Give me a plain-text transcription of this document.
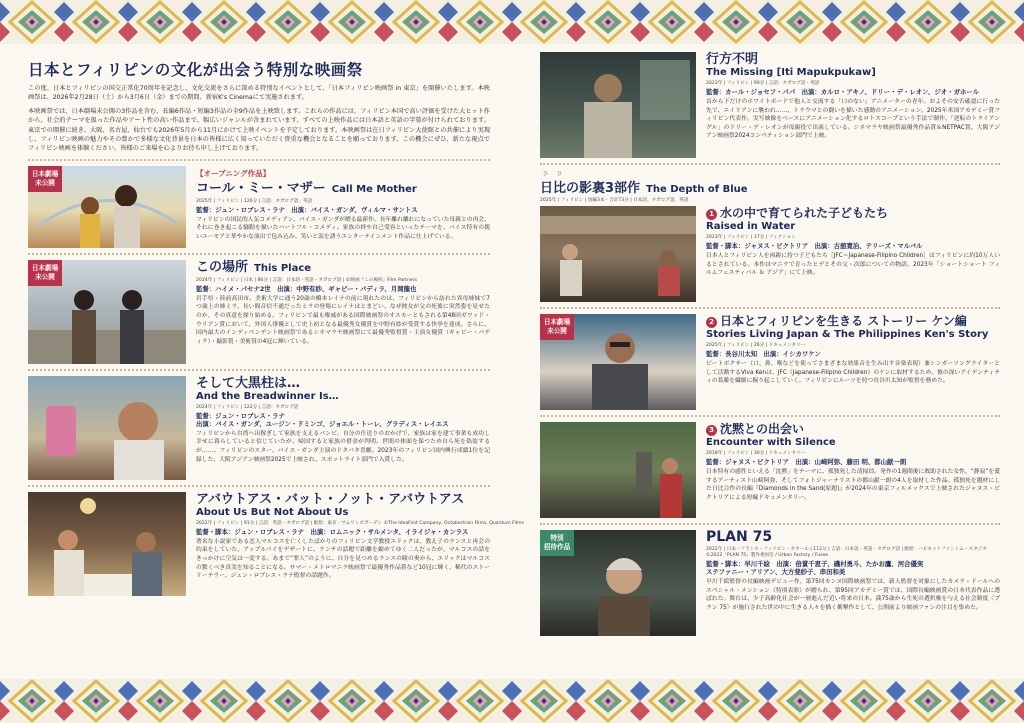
日本とフィリピンの文化が出会う特別な映画祭

この度、日本とフィリピンの国交正常化70周年を記念し、文化交流をさらに深める特別なイベントとして、「日本フィリピン映画祭 in 東京」を開催いたします。本映画祭は、2026年2月28日（土）から3月6日（金）までの期間、新宿K's Cinemaにて実施されます。

本映画祭では、日本劇場未公開の3作品を含む、長編6作品・短編3作品の全9作品を上映致します。これらの作品には、フィリピン本国で高い評価を受けた大ヒット作から、社会的テーマを扱った作品やアート性の高い作品まで、幅広いジャンルが含まれています。すべての上映作品には日本語と英語の字幕が付けられております。東京での開催に続き、大阪、名古屋、仙台でも2026年5月から11月にかけて上映イベントを予定しております。本映画祭は在日フィリピン大使館との共催により実現し、フィリピン映画の魅力やその豊かで多様な文化背景を日本の皆様に広く知っていただく貴重な機会となることを願っております。この機会にぜひ、新たな視点でフィリピン映画を体験ください。皆様のご来場を心よりお待ち申し上げております。

日本劇場
未公開
【オープニング作品】

コール・ミー・マザー Call Me Mother

2025年 | フィリピン | 120分 | 言語：タガログ語、英語
監督：ジュン・ロブレス・ラナ　出演：バイス・ガンダ、ヴィルマ・サントス

フィリピンの国民的人気コメディアン、バイス・ガンダが贈る最新作。長年離れ離れになっていた母親との再会、それに巻き起こる騒動を描いたハートフル・コメディ。家族の絆や自己受容といったテーマを、バイス特有の鋭いユーモアと華やかな演出で包み込み、笑いと涙を誘うエンターテインメント作品に仕上げている。

日本劇場
未公開

この場所 This Place

2024年 | フィリピン | 日本 | 86分 | 言語：日本語・英語・タガログ語 | ©映画『この場所』Film Partners
監督：ハイメ・パセナ2世　出演：中野有紗、ギャビー・パディラ、月岡龍也

岩手県・陸前高田市。美術大学に通う20歳の橋本レイナの前に現れたのは、フィリピンから訪れた異母姉妹で7つ歳上の姉ミラ。長い間音信不通だったミラの登場にレイナはとまどい、なぜ彼女が父の死後に突然姿を見せたのか、その真意を探り始める。フィリピンで最も権威がある国際映画祭のオスカーともされる第48回ガワッド・ウリアン賞において、外国人俳優として史上初となる最優秀女優賞を中野有紗が受賞する快挙を達成。さらに、国内最大のインディペンデント映画祭であるシネマラヤ映画祭にて最優秀監督賞・主演女優賞（ギャビー・パディラ）・撮影賞・美術賞の4冠に輝いている。

そして大黒柱は…

And the Breadwinner Is…

2024年 | フィリピン | 122分 | 言語：タガログ語
監督：ジュン・ロブレス・ラナ
出演：バイス・ガンダ、ユージン・ドミンゴ、ジョエル・トーレ、グラディス・レイエス

フィリピンから台湾へ出稼ぎして家族を支えるバンビ。自分の仕送りのおかげで、家族は家を建て事業も成功し幸せに暮らしていると信じていたが、帰国すると家族の借金が判明。世間の体面を保つため自ら死を偽装するが……。フィリピンのスター、バイス・ガンダ主演のドタバタ喜劇。2023年のフィリピン国内興行成績1位を記録した、大阪アジアン映画祭2025で上映され、スポットライト部門で入賞した。

アバウトアス・バット・ノット・アバウトアス

About Us But Not About Us

2022年 | フィリピン | 91分 | 言語：英語・タガログ語 | 配給：東京・サムワンズガーデン ©The IdeaFirst Company, Octobertrain Films, Quantum Films
監督・脚本：ジュン・ロブレス・ラナ　出演：ロムニック・サルメンタ、イライジャ・カンラス

著名な小説家である恋人マルコスを亡くしたばかりのフィリピン文学教授エリックは、教え子のランスと再会の約束をしていた。アップルパイをデザートに、ランチの話題で距離を縮めてゆく二人だったが、マルコスの話をきっかけに空気は一変する。あまで“罪人”のように、自分を見つめるランスの瞳の奥から、エリックはマルコスの驚くべき真実を知ることになる。サマー・メトロマニラ映画祭で最優秀作品賞など10冠に輝く、稀代のストーリーテラー、ジュン・ロブレス・ラナ監督の話題作。

行方不明

The Missing [Iti Mapukpukaw]

2023年 | フィリピン | 90分 | 言語：タガログ語・英語
監督：カール・ジョセフ・パパ　出演：カルロ・アキノ、ドリー・デ・レオン、ジオ・ガホール

首から下だけのホワイトボードで他人と交流する「口のない」アニメーターの青年。およその安否確認に行った先で、エイリアンに襲われ……、トラウマとの闘いを描いた感動のアニメーション。2025年米国アカデミー賞フィリピン代表作。実写映像をベースにアニメーション化するロトスコープという手法で制作。「逆転のトライアングル」のドリー・デ・レオンが母親役で出演している。シネマラヤ映画祭最優秀作品賞＆NETPAC賞、大阪アジアン映画祭2024コンペティション部門で上映。

ひ　ひ

日比の影裏3部作 The Depth of Blue

2025年 | フィリピン | 短編3本・合計73分 | 日本語、タガログ語、英語

1 水の中で育てられた子どもたち

Raised in Water

2023年 | フィリピン | 17分 | フィクション
監督・脚本：ジャヌス・ビクトリア　出演：古舘寛治、テリーズ・マルバル

日本人とフィリピン人を両親に持つ子どもたち［JFC＝Japanese-Filipino Children］はフィリピンに約10万人いるとされている。本作はマニラで育ったヒデとその父・次郎についての物語。2023年「ショートショート フィルムフェスティバル ＆ アジア」にて上映。

日本劇場
未公開

2 日本とフィリピンを生きる ストーリー ケン編

Stories Living Japan & The Philippines Ken's Story

2025年 | フィリピン | 26分 | ドキュメンタリー
監督：長谷川太知　出演：イシカワケン

ビートボクサー（口、鼻、喉などを使ってさまざまな効果音を生み出す音楽表現）兼シンガーソングライターとして活動するViva Kenは、JFC（Japanese-Filipino Children）のケンに取材するため、彼の深いアイデンティティの葛藤を繊細に掘り起こしていく。フィリピンにルーツを持つ長谷川太知が監督を務めた。

3 沈黙との出会い

Encounter with Silence

2018年 | フィリピン | 30分 | ドキュメンタリー
監督：ジャヌス・ビクトリア　出演：山崎阿弥、藤田 明、都山献一朗

日本特有の感性といえる「沈黙」をテーマに、孤独死した清掃員。発作の1週間後に救助された女性、“静寂”を愛するアーティスト山崎阿弥、そしてフォトジャーナリストの都山献一朗の4人を取材した作品。孤独死を題材にした日比合作の長編『Diamonds in the Sand(原題)』が2024年の東京フィルメックスで上映されたジャヌス・ビクトリアによる短編ドキュメンタリー。

特別
招待作品

PLAN 75

2022年 | 日本・フランス・フィリピン・カタール | 112分 | 言語：日本語・英語・タガログ語 | 配給：ハピネットファントム・スタジオ ©2022「PLAN 75」製作委員会 / Urban Factory / Fusee
監督・脚本：早川千絵　出演：倍賞千恵子、磯村勇斗、たかお鷹、河合優実
ステファニー・アリアン、大方斐紗子、串田和美

早川千絵監督の長編映画デビュー作、第75回カンヌ国際映画祭では、新人監督を対象にしたカメラ・ドールへのスペシャル・メンション（特別表彰）が贈られ、第95回アカデミー賞では、国際長編映画賞の日本代表作品に選ばれた。舞台は、少子高齢化社会が一層進んだ近い将来の日本。満75歳から生死の選択権を与える社会制度〈プラン 75〉が施行された世の中に生きる人々を描く衝撃作として、公開前より映画ファンの注目を集めた。
